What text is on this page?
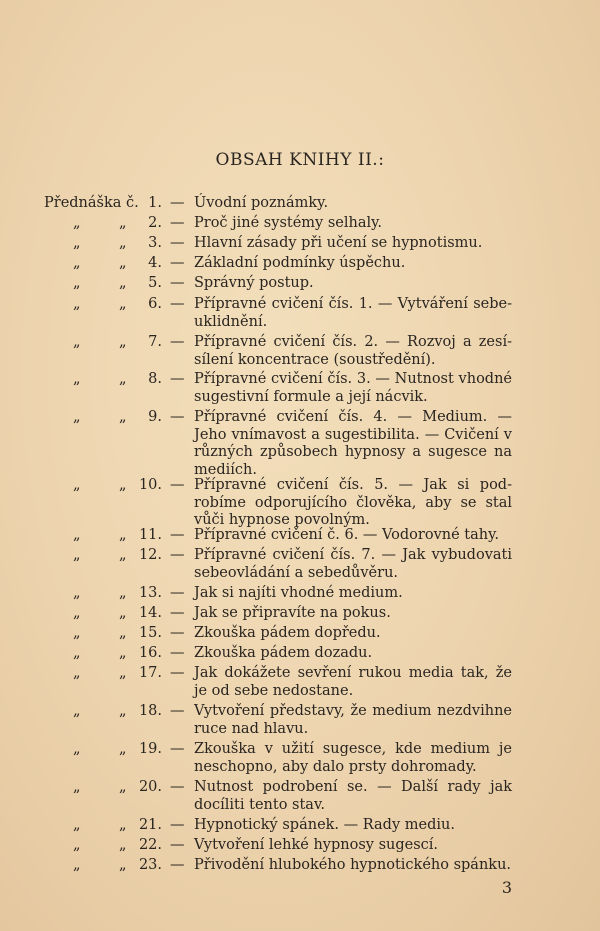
OBSAH KNIHY II.:
Přednáška č. 1. — Úvodní poznámky.
„	„	2. — Proč jiné systémy selhaly.
„	„	3. — Hlavní zásady při učení se hypnotismu.
„	„	4. — Základní podmínky úspěchu.
„	„	5. — Správný postup.
„	„	6. — Přípravné cvičení čís. 1. — Vytváření sebe- uklidnění.
„	„	7. — Přípravné cvičení čís. 2. — Rozvoj a zesí- sílení koncentrace (soustředění).
„	„	8. — Přípravné cvičení čís. 3. — Nutnost vhodné sugestivní formule a její nácvik.
„	„	9. — Přípravné cvičení čís. 4. — Medium. — Jeho vnímavost a sugestibilita. — Cvičení v různých způsobech hypnosy a sugesce na mediích.
„	„ 10. — Přípravné cvičení čís. 5. — Jak si pod- robíme odporujícího člověka, aby se stal vůči hypnose povolným.
„	„ 11. — Přípravné cvičení č. 6. — Vodorovné tahy.
„	„ 12. — Přípravné cvičení čís. 7. — Jak vybudovati sebeovládání a sebedůvěru.
„	„ 13. — Jak si najíti vhodné medium.
„	„ 14. — Jak se připravíte na pokus.
„	„ 15. — Zkouška pádem dopředu.
„	„ 16. — Zkouška pádem dozadu.
„	„ 17. — Jak dokážete sevření rukou media tak, že je od sebe nedostane.
„	„ 18. — Vytvoření představy, že medium nezdvihne ruce nad hlavu.
„	„ 19. — Zkouška v užití sugesce, kde medium je neschopno, aby dalo prsty dohromady.
„	„ 20. — Nutnost podrobení se. — Další rady jak docíliti tento stav.
„	„ 21. — Hypnotický spánek. — Rady mediu.
„	„ 22. — Vytvoření lehké hypnosy sugescí.
„	„ 23. — Přivodění hlubokého hypnotického spánku.
3
